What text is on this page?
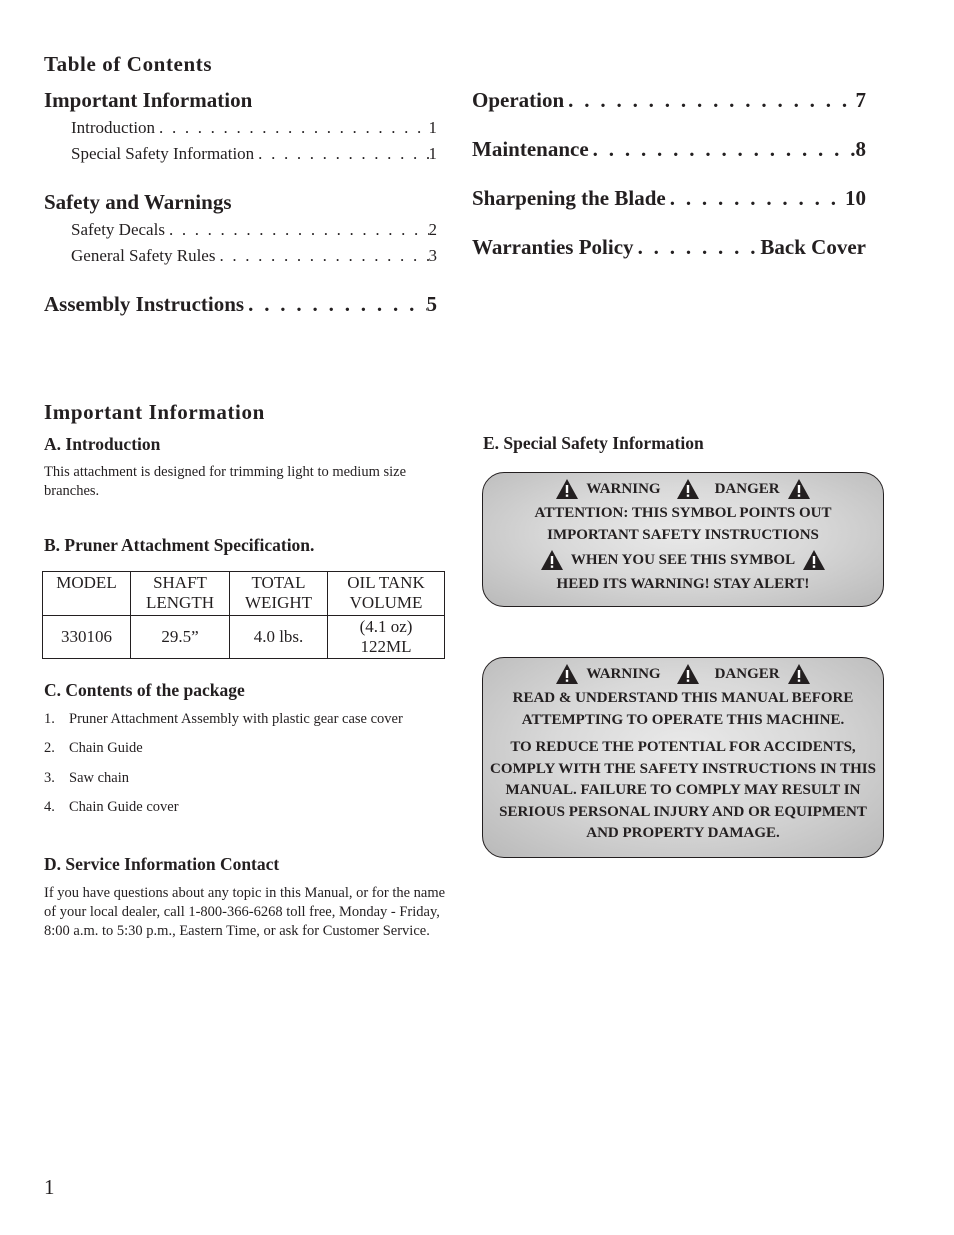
Table of Contents
Important Information
Introduction . . .	1
Special Safety Information . . .	1
Safety and Warnings
Safety Decals . . .	2
General Safety Rules . . .	3
Assembly Instructions . . .	5
Operation . . .	7
Maintenance . . .	8
Sharpening the Blade . . .	10
Warranties Policy . . .	Back Cover
Important Information
A. Introduction
This attachment is designed for trimming light to medium size branches.
B. Pruner Attachment Specification.
MODEL	SHAFT LENGTH	TOTAL WEIGHT	OIL TANK VOLUME
330106	29.5”	4.0 lbs.	(4.1 oz) 122ML
C. Contents of the package
1. Pruner Attachment Assembly with plastic gear case cover
2. Chain Guide
3. Saw chain
4. Chain Guide cover
D. Service Information Contact
If you have questions about any topic in this Manual, or for the name of your local dealer, call 1-800-366-6268 toll free, Monday - Friday, 8:00 a.m. to 5:30 p.m., Eastern Time, or ask for Customer Service.
E. Special Safety Information
WARNING	DANGER
ATTENTION: THIS SYMBOL POINTS OUT
IMPORTANT SAFETY INSTRUCTIONS
WHEN YOU SEE THIS SYMBOL
HEED ITS WARNING! STAY ALERT!
WARNING	DANGER
READ & UNDERSTAND THIS MANUAL BEFORE ATTEMPTING TO OPERATE THIS MACHINE.
TO REDUCE THE POTENTIAL FOR ACCIDENTS, COMPLY WITH THE SAFETY INSTRUCTIONS IN THIS MANUAL. FAILURE TO COMPLY MAY RESULT IN SERIOUS PERSONAL INJURY AND OR EQUIPMENT AND PROPERTY DAMAGE.
1
